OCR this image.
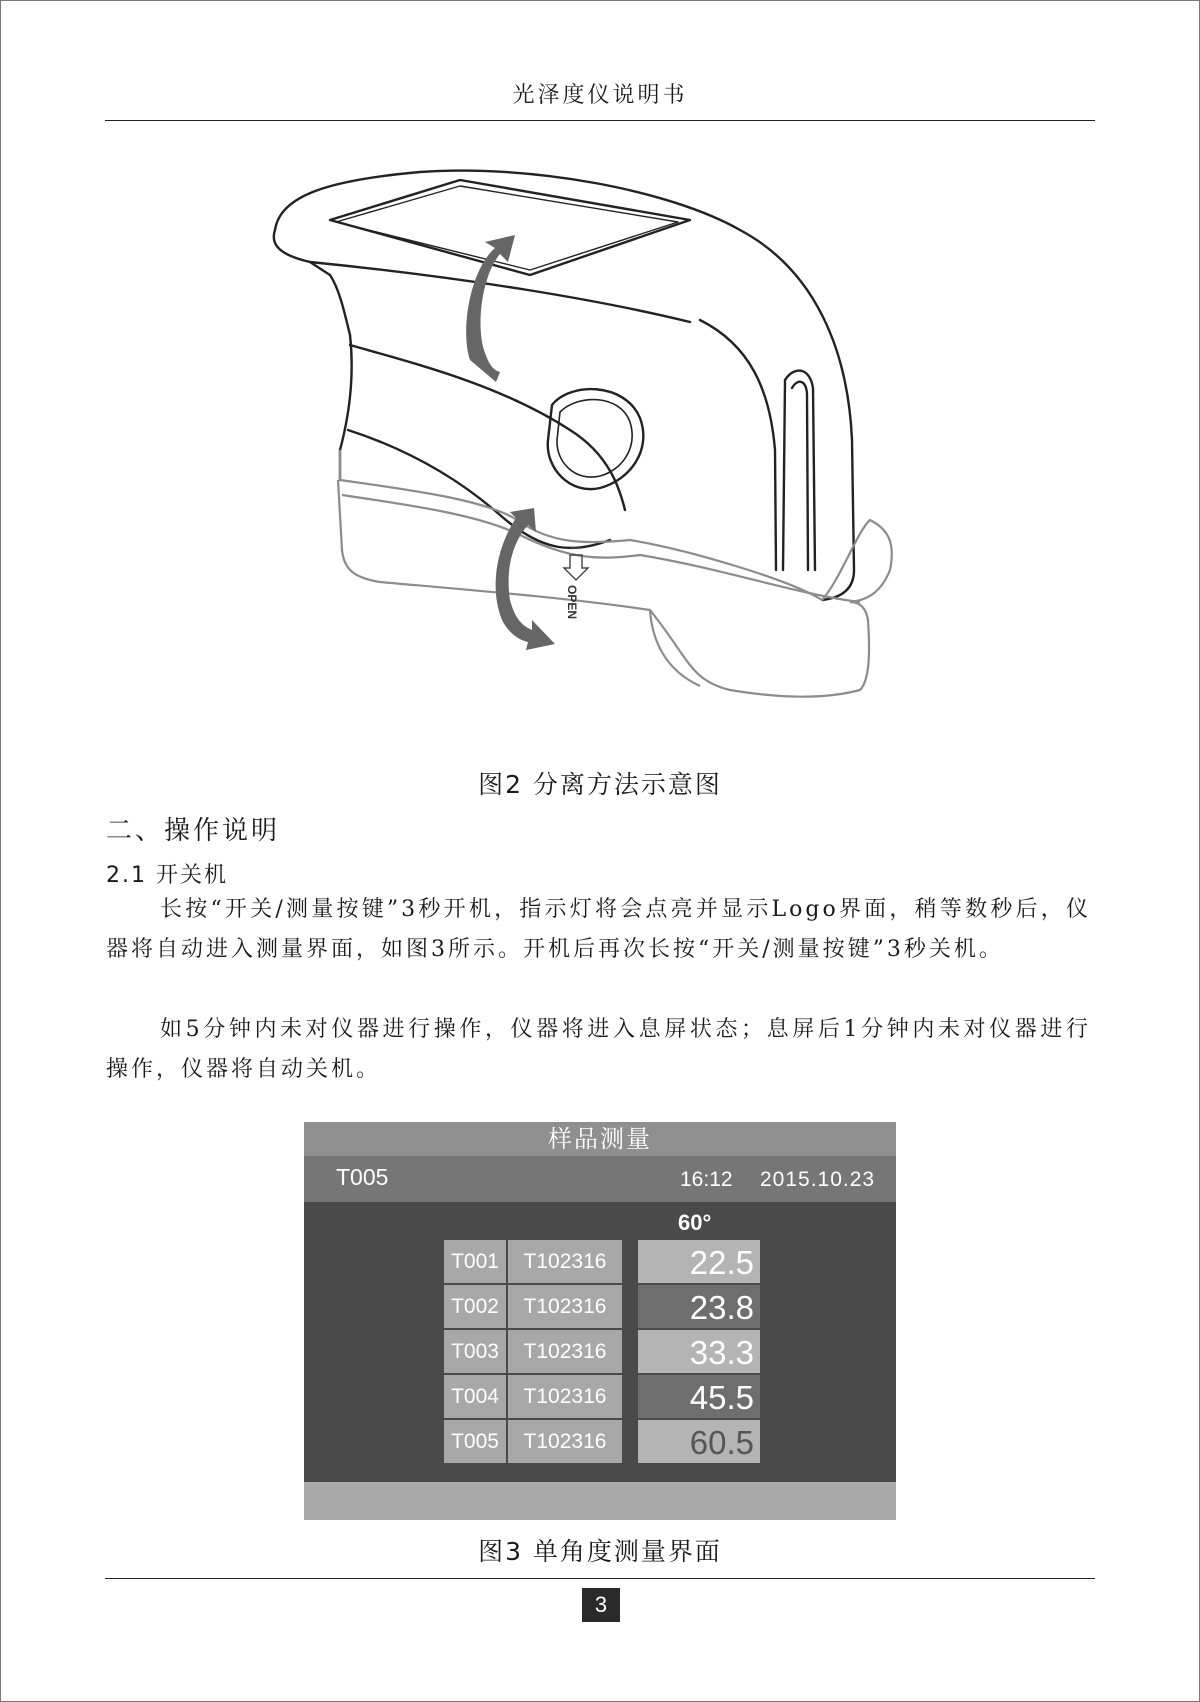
光泽度仪说明书
OPEN
图2 分离方法示意图
二、操作说明
2.1 开关机
长按“开关/测量按键”3秒开机，指示灯将会点亮并显示Logo界面，稍等数秒后，仪器将自动进入测量界面，如图3所示。开机后再次长按“开关/测量按键”3秒关机。
如5分钟内未对仪器进行操作，仪器将进入息屏状态；息屏后1分钟内未对仪器进行操作，仪器将自动关机。
样品测量
T005	16:12 2015.10.23
60°
T001	T102316	22.5
T002	T102316	23.8
T003	T102316	33.3
T004	T102316	45.5
T005	T102316	60.5
图3 单角度测量界面
3
